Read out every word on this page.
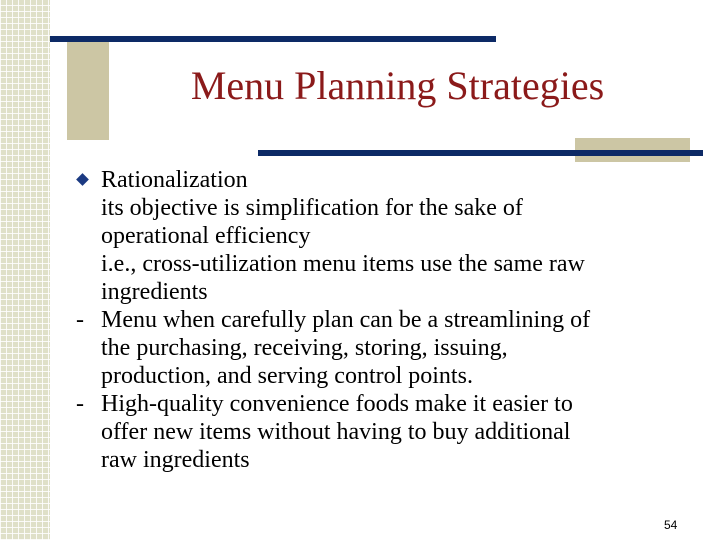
Menu Planning Strategies
Rationalization
its objective is simplification for the sake of
operational efficiency
i.e., cross-utilization menu items use the same raw
ingredients
- Menu when carefully plan can be a streamlining of
the purchasing, receiving, storing, issuing,
production, and serving control points.
- High-quality convenience foods make it easier to
offer new items without having to buy additional
raw ingredients
54
